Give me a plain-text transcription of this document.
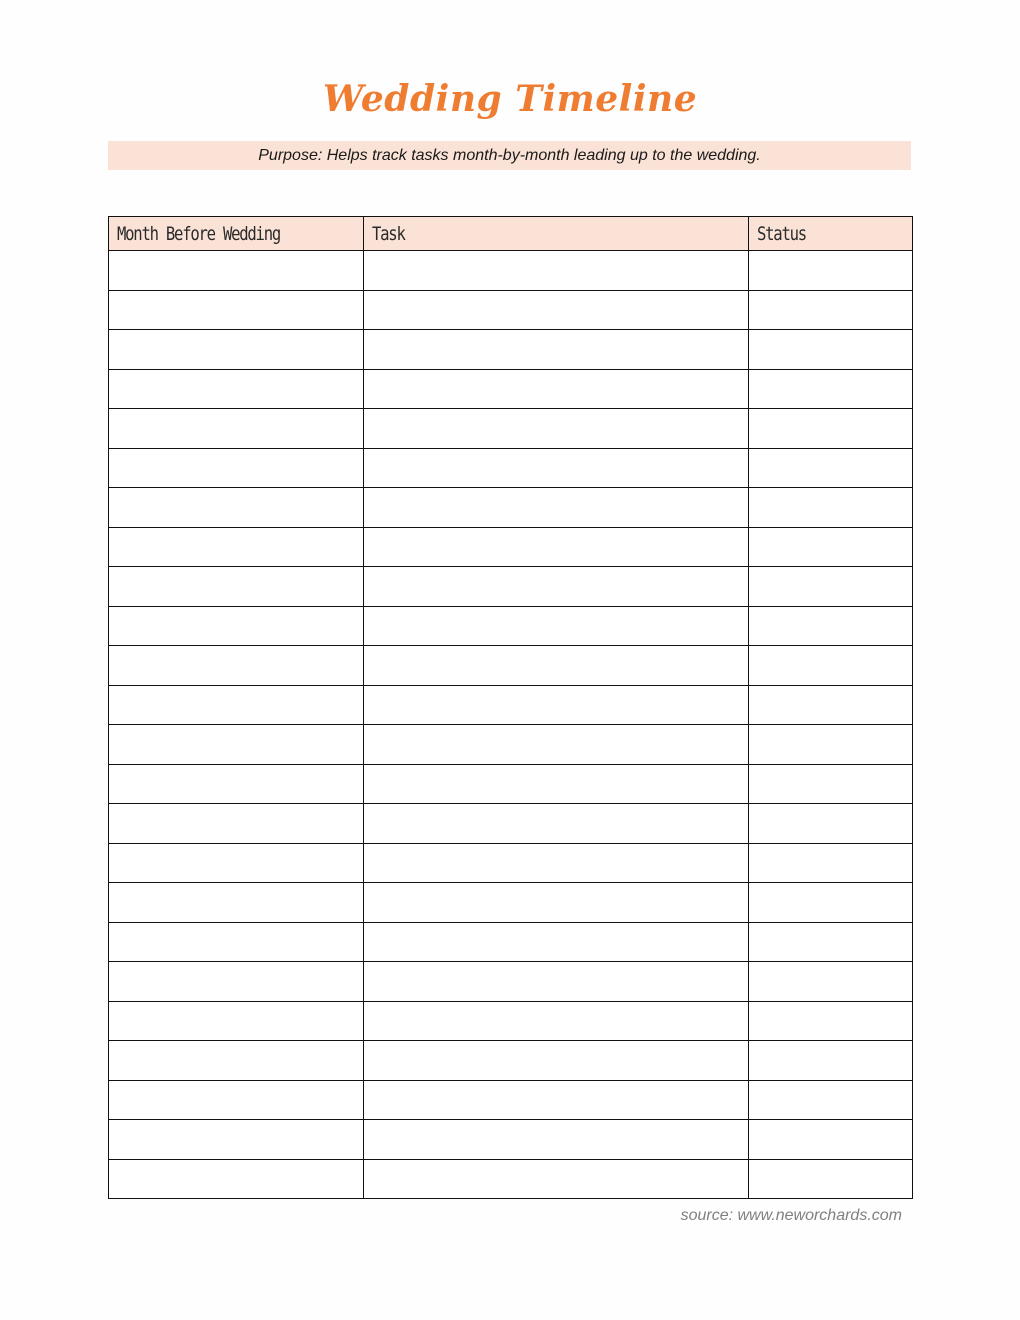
Wedding Timeline
Purpose: Helps track tasks month-by-month leading up to the wedding.
Month Before Wedding	Task	Status

source: www.neworchards.com
